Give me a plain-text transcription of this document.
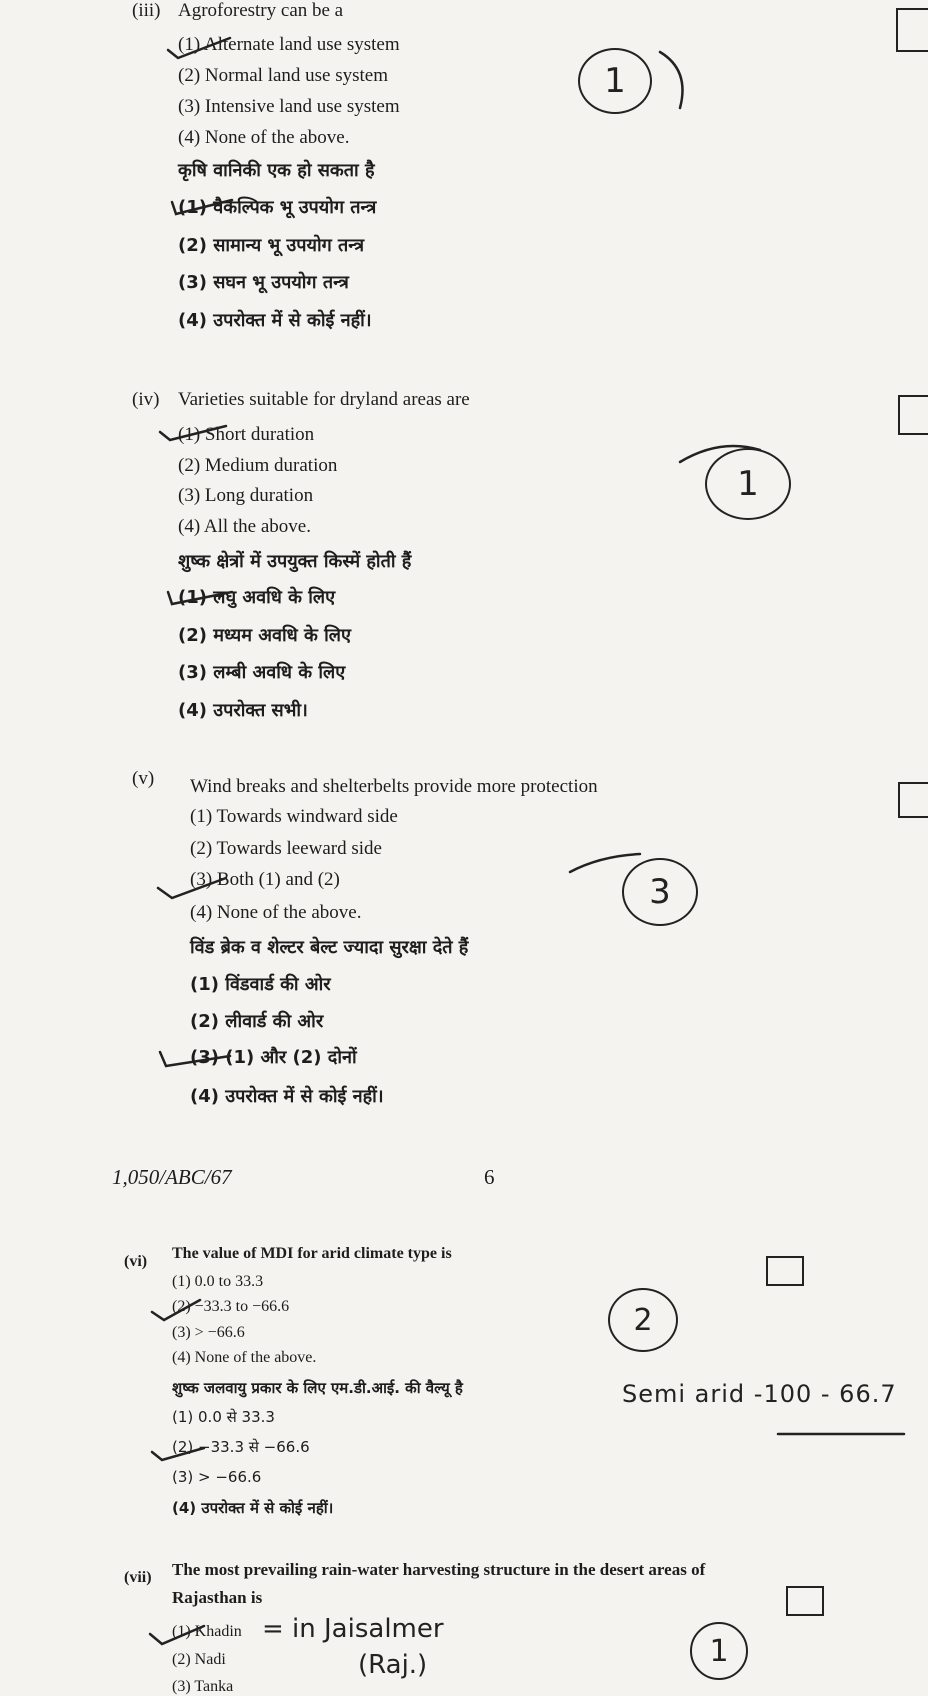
(iii) Agroforestry can be a
(1) Alternate land use system
(2) Normal land use system
(3) Intensive land use system
(4) None of the above.
कृषि वानिकी एक हो सकता है
(1) वैकल्पिक भू उपयोग तन्त्र
(2) सामान्य भू उपयोग तन्त्र
(3) सघन भू उपयोग तन्त्र
(4) उपरोक्त में से कोई नहीं।
1
(iv) Varieties suitable for dryland areas are
(1) Short duration
(2) Medium duration
(3) Long duration
(4) All the above.
शुष्क क्षेत्रों में उपयुक्त किस्में होती हैं
(1) लघु अवधि के लिए
(2) मध्यम अवधि के लिए
(3) लम्बी अवधि के लिए
(4) उपरोक्त सभी।
1
(v) Wind breaks and shelterbelts provide more protection
(1) Towards windward side
(2) Towards leeward side
(3) Both (1) and (2)
(4) None of the above.
विंड ब्रेक व शेल्टर बेल्ट ज्यादा सुरक्षा देते हैं
(1) विंडवार्ड की ओर
(2) लीवार्ड की ओर
(3) (1) और (2) दोनों
(4) उपरोक्त में से कोई नहीं।
3
1,050/ABC/67	6
(vi) The value of MDI for arid climate type is
(1) 0.0 to 33.3
(2) −33.3 to −66.6
(3) > −66.6
(4) None of the above.
शुष्क जलवायु प्रकार के लिए एम.डी.आई. की वैल्यू है
(1) 0.0 से 33.3
(2) −33.3 से −66.6
(3) > −66.6
(4) उपरोक्त में से कोई नहीं।
2
Semi arid -100 - 66.7
(vii) The most prevailing rain-water harvesting structure in the desert areas of
Rajasthan is
(1) Khadin
(2) Nadi
(3) Tanka
= in Jaisalmer
(Raj.)	1
